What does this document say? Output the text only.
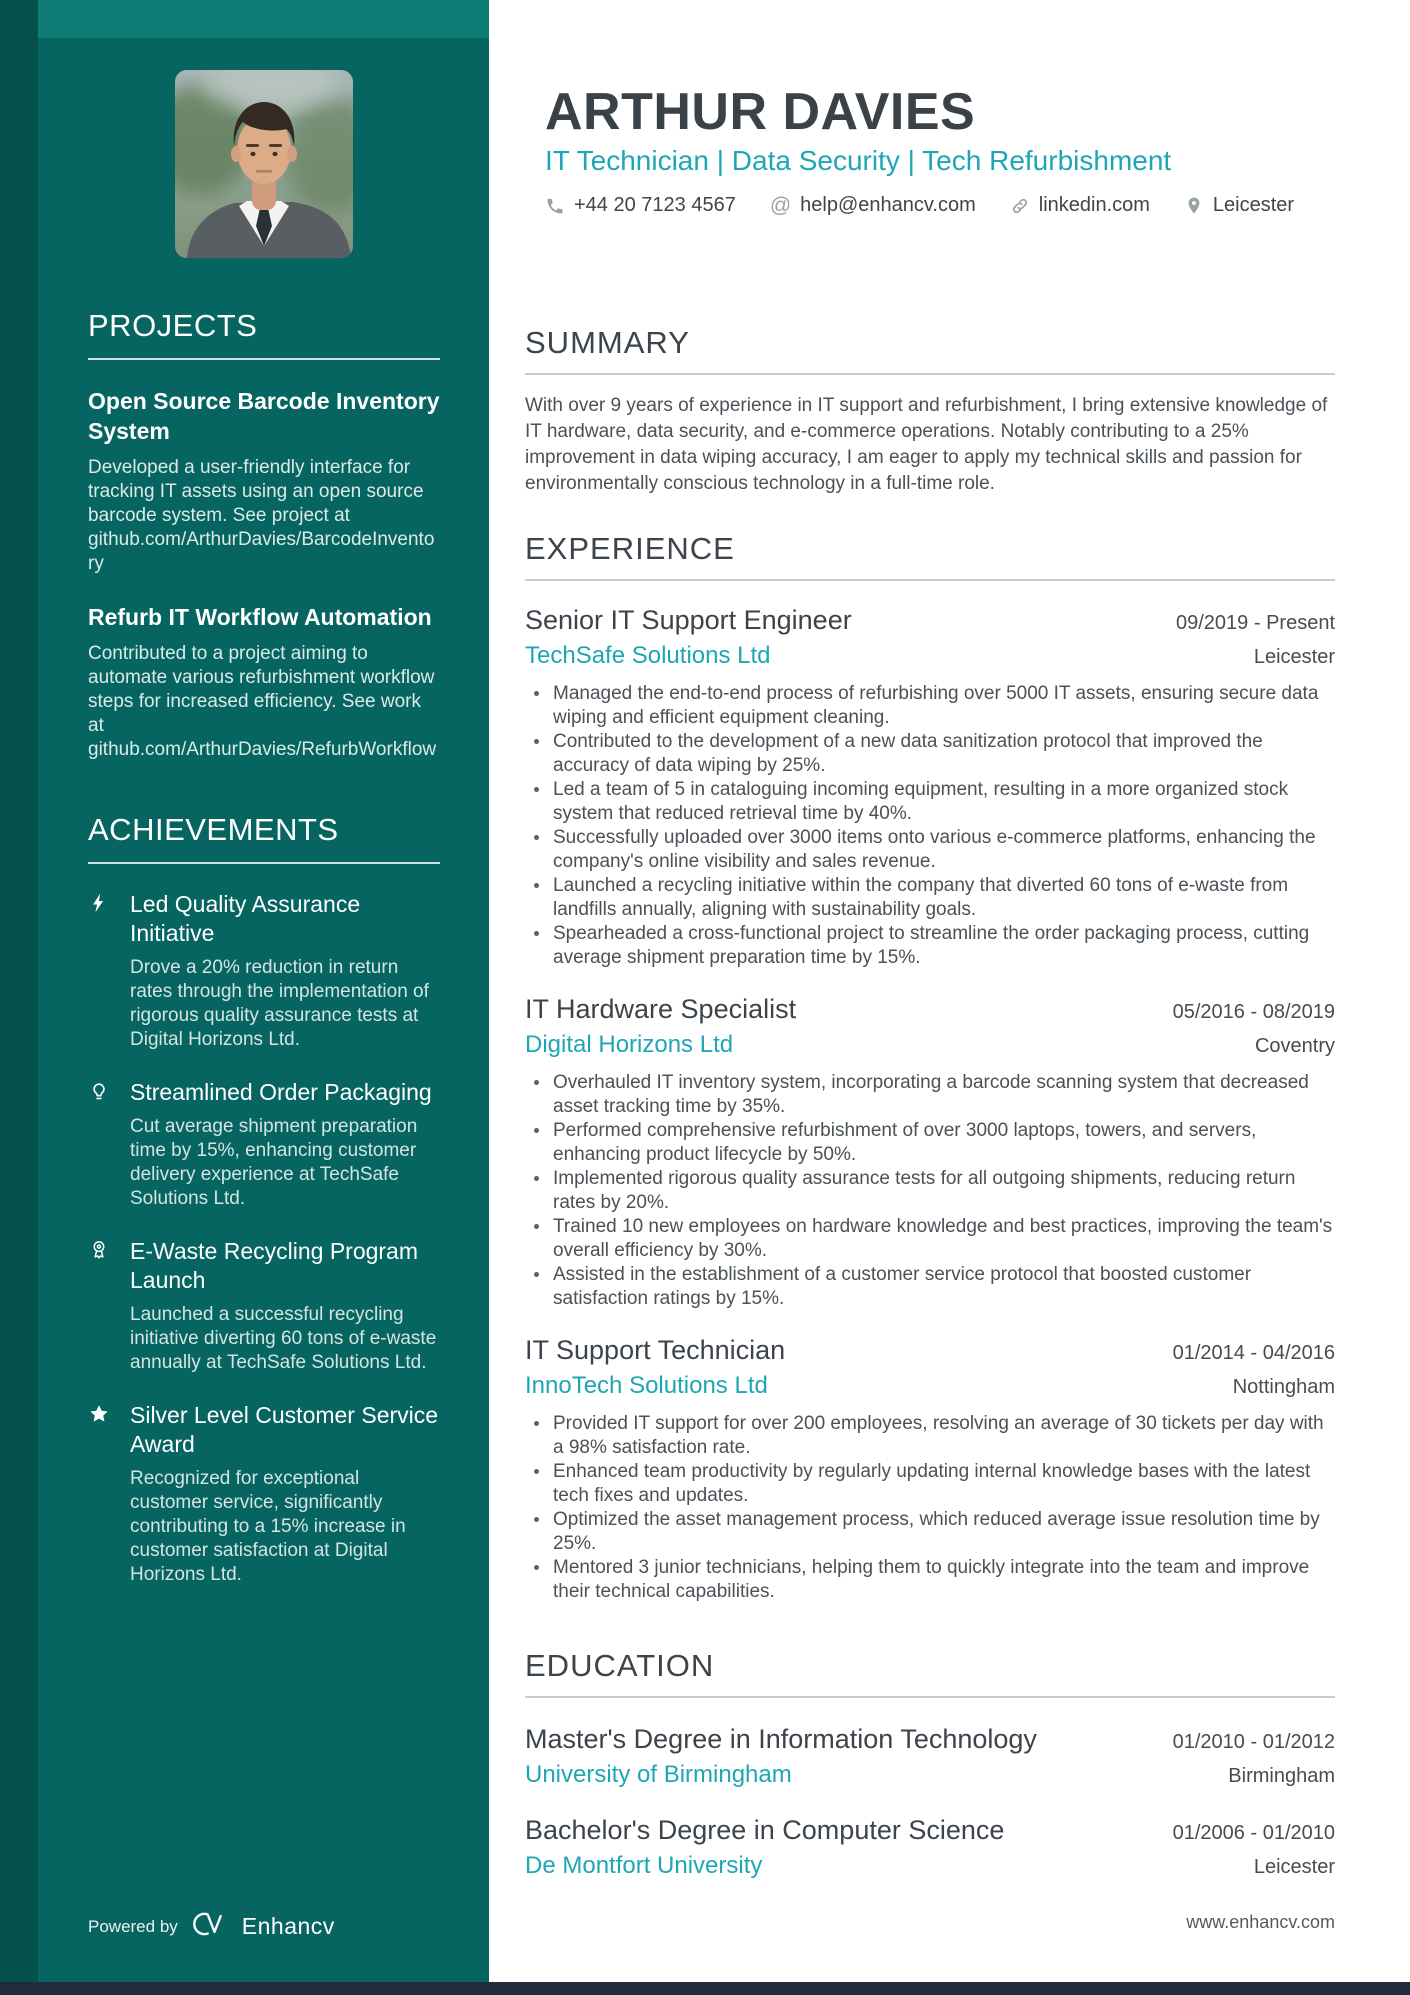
PROJECTS
Open Source Barcode Inventory System

Developed a user-friendly interface for tracking IT assets using an open source barcode system. See project at github.com/ArthurDavies/BarcodeInventory

Refurb IT Workflow Automation

Contributed to a project aiming to automate various refurbishment workflow steps for increased efficiency. See work at github.com/ArthurDavies/RefurbWorkflow

ACHIEVEMENTS
Led Quality Assurance Initiative

Drove a 20% reduction in return rates through the implementation of rigorous quality assurance tests at Digital Horizons Ltd.

Streamlined Order Packaging

Cut average shipment preparation time by 15%, enhancing customer delivery experience at TechSafe Solutions Ltd.

E-Waste Recycling Program Launch

Launched a successful recycling initiative diverting 60 tons of e-waste annually at TechSafe Solutions Ltd.

Silver Level Customer Service Award

Recognized for exceptional customer service, significantly contributing to a 15% increase in customer satisfaction at Digital Horizons Ltd.

Powered by	Enhancv
ARTHUR DAVIES
IT Technician | Data Security | Tech Refurbishment
+44 20 7123 4567 @ help@enhancv.com	linkedin.com	Leicester
SUMMARY

With over 9 years of experience in IT support and refurbishment, I bring extensive knowledge of IT hardware, data security, and e-commerce operations. Notably contributing to a 25% improvement in data wiping accuracy, I am eager to apply my technical skills and passion for environmentally conscious technology in a full-time role.

EXPERIENCE
Senior IT Support Engineer	09/2019 - Present
TechSafe Solutions Ltd	Leicester
Managed the end-to-end process of refurbishing over 5000 IT assets, ensuring secure data wiping and efficient equipment cleaning.
Contributed to the development of a new data sanitization protocol that improved the accuracy of data wiping by 25%.
Led a team of 5 in cataloguing incoming equipment, resulting in a more organized stock system that reduced retrieval time by 40%.
Successfully uploaded over 3000 items onto various e-commerce platforms, enhancing the company's online visibility and sales revenue.
Launched a recycling initiative within the company that diverted 60 tons of e-waste from landfills annually, aligning with sustainability goals.
Spearheaded a cross-functional project to streamline the order packaging process, cutting average shipment preparation time by 15%.
IT Hardware Specialist	05/2016 - 08/2019
Digital Horizons Ltd	Coventry
Overhauled IT inventory system, incorporating a barcode scanning system that decreased asset tracking time by 35%.
Performed comprehensive refurbishment of over 3000 laptops, towers, and servers, enhancing product lifecycle by 50%.
Implemented rigorous quality assurance tests for all outgoing shipments, reducing return rates by 20%.
Trained 10 new employees on hardware knowledge and best practices, improving the team's overall efficiency by 30%.
Assisted in the establishment of a customer service protocol that boosted customer satisfaction ratings by 15%.
IT Support Technician	01/2014 - 04/2016
InnoTech Solutions Ltd	Nottingham
Provided IT support for over 200 employees, resolving an average of 30 tickets per day with a 98% satisfaction rate.
Enhanced team productivity by regularly updating internal knowledge bases with the latest tech fixes and updates.
Optimized the asset management process, which reduced average issue resolution time by 25%.
Mentored 3 junior technicians, helping them to quickly integrate into the team and improve their technical capabilities.
EDUCATION
Master's Degree in Information Technology	01/2010 - 01/2012
University of Birmingham	Birmingham
Bachelor's Degree in Computer Science	01/2006 - 01/2010
De Montfort University	Leicester
www.enhancv.com
